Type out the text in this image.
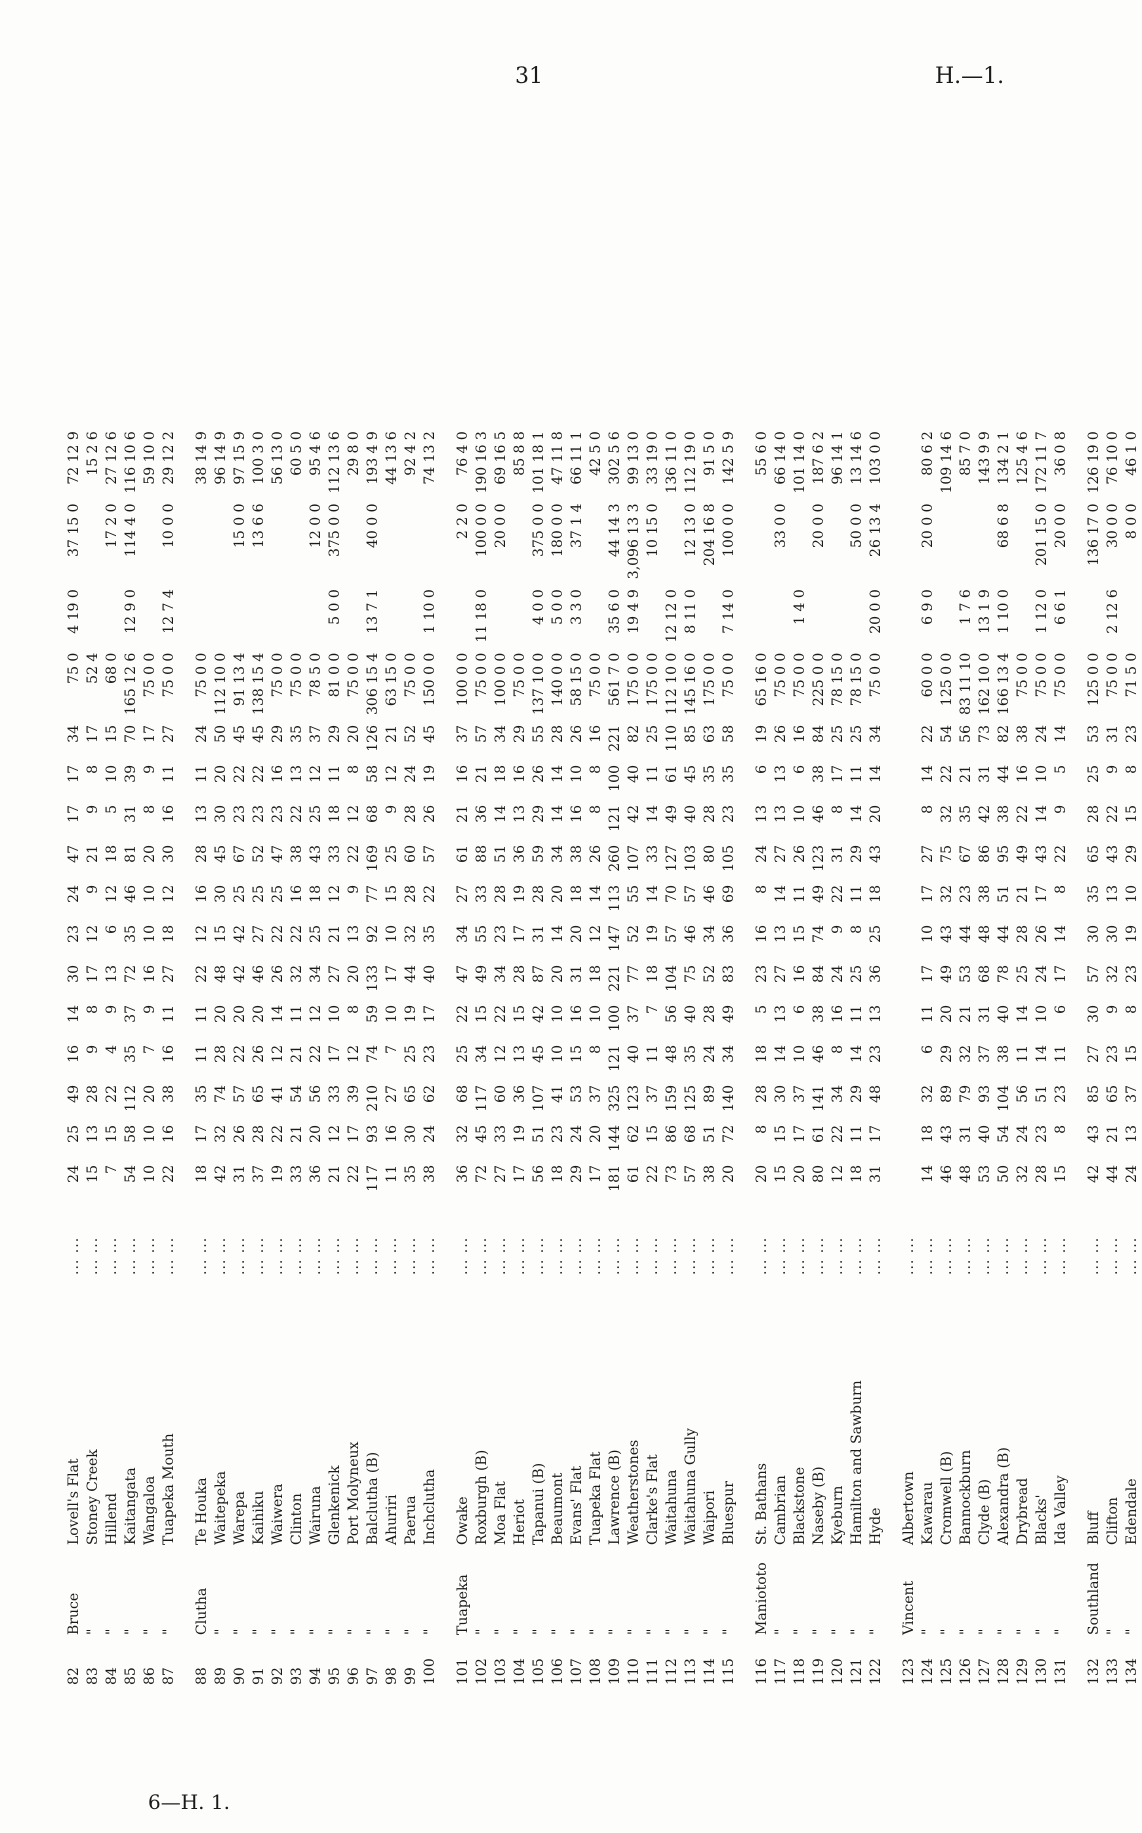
31	H.—1.
82	Bruce	Lovell's Flat	... ...	24	25	49	16	14	30	23	24	47	17	17	34	75 0	4 19 0	37 15 0	72 12 9
83	"	Stoney Creek	... ...	15	13	28	9	8	17	12	9	21	9	8	17	52 4			15 2 6
84	"	Hillend	... ...	7	15	22	4	9	13	6	12	18	5	10	15	68 0		17 2 0	27 12 6
85	"	Kaitangata	... ...	54	58	112	35	37	72	35	46	81	31	39	70	165 12 6	12 9 0	114 4 0	116 10 6
86	"	Wangaloa	... ...	10	10	20	7	9	16	10	10	20	8	9	17	75 0 0			59 10 0
87	"	Tuapeka Mouth	... ...	22	16	38	16	11	27	18	12	30	16	11	27	75 0 0	12 7 4	10 0 0	29 12 2

88	Clutha	Te Houka	... ...	18	17	35	11	11	22	12	16	28	13	11	24	75 0 0			38 14 9
89	"	Waitepeka	... ...	42	32	74	28	20	48	15	30	45	30	20	50	112 10 0			96 14 9
90	"	Warepa	... ...	31	26	57	22	20	42	42	25	67	23	22	45	91 13 4		15 0 0	97 15 9
91	"	Kaihiku	... ...	37	28	65	26	20	46	27	25	52	23	22	45	138 15 4		13 6 6	100 3 0
92	"	Waiwera	... ...	19	22	41	12	14	26	22	25	47	23	16	29	75 0 0			56 13 0
93	"	Clinton	... ...	33	21	54	21	11	32	22	16	38	22	13	35	75 0 0			60 5 0
94	"	Wairuna	... ...	36	20	56	22	12	34	25	18	43	25	12	37	78 5 0		12 0 0	95 4 6
95	"	Glenkenick	... ...	21	12	33	17	10	27	21	12	33	18	11	29	81 0 0	5 0 0	375 0 0	112 13 6
96	"	Port Molyneux	... ...	22	17	39	12	8	20	13	9	22	12	8	20	75 0 0			29 8 0
97	"	Balclutha (B)	... ...	117	93	210	74	59	133	92	77	169	68	58	126	306 15 4	13 7 1	40 0 0	193 4 9
98	"	Ahuriri	... ...	11	16	27	7	10	17	10	15	25	9	12	21	63 15 0			44 13 6
99	"	Paerua	... ...	35	30	65	25	19	44	32	28	60	28	24	52	75 0 0			92 4 2
100	"	Inchclutha	... ...	38	24	62	23	17	40	35	22	57	26	19	45	150 0 0	1 10 0		74 13 2

101	Tuapeka	Owake	... ...	36	32	68	25	22	47	34	27	61	21	16	37	100 0 0		2 2 0	76 4 0
102	"	Roxburgh (B)	... ...	72	45	117	34	15	49	55	33	88	36	21	57	75 0 0	11 18 0	100 0 0	190 16 3
103	"	Moa Flat	... ...	27	33	60	12	22	34	23	28	51	14	18	34	100 0 0		20 0 0	69 16 5
104	"	Heriot	... ...	17	19	36	13	15	28	17	19	36	13	16	29	75 0 0			85 8 8
105	"	Tapanui (B)	... ...	56	51	107	45	42	87	31	28	59	29	26	55	137 10 0	4 0 0	375 0 0	101 18 1
106	"	Beaumont	... ...	18	23	41	10	10	20	14	20	34	14	14	28	140 0 0	5 0 0	180 0 0	47 11 8
107	"	Evans' Flat	... ...	29	24	53	15	16	31	20	18	38	16	10	26	58 15 0	3 3 0	37 1 4	66 11 1
108	"	Tuapeka Flat	... ...	17	20	37	8	10	18	12	14	26	8	8	16	75 0 0			42 5 0
109	"	Lawrence (B)	... ...	181	144	325	121	100	221	147	113	260	121	100	221	561 7 0	35 6 0	44 14 3	302 5 6
110	"	Weatherstones	... ...	61	62	123	40	37	77	52	55	107	42	40	82	175 0 0	19 4 9	3,096 13 3	99 13 0
111	"	Clarke's Flat	... ...	22	15	37	11	7	18	19	14	33	14	11	25	175 0 0		10 15 0	33 19 0
112	"	Waitahuna	... ...	73	86	159	48	56	104	57	70	127	49	61	110	112 10 0	12 12 0		136 11 0
113	"	Waitahuna Gully	... ...	57	68	125	35	40	75	46	57	103	40	45	85	145 16 0	8 11 0	12 13 0	112 19 0
114	"	Waipori	... ...	38	51	89	24	28	52	34	46	80	28	35	63	175 0 0		204 16 8	91 5 0
115	"	Bluespur	... ...	20	72	140	34	49	83	36	69	105	23	35	58	75 0 0	7 14 0	100 0 0	142 5 9

116	Maniototo	St. Bathans	... ...	20	8	28	18	5	23	16	8	24	13	6	19	65 16 0			55 6 0
117	"	Cambrian	... ...	15	15	30	14	13	27	13	14	27	13	13	26	75 0 0		33 0 0	66 14 0
118	"	Blackstone	... ...	20	17	37	10	6	16	15	11	26	10	6	16	75 0 0	1 4 0		101 14 0
119	"	Naseby (B)	... ...	80	61	141	46	38	84	74	49	123	46	38	84	225 0 0		20 0 0	187 6 2
120	"	Kyeburn	... ...	12	22	34	8	16	24	9	22	31	8	17	25	78 15 0			96 14 1
121	"	Hamilton and Sawburn	... ...	18	11	29	14	11	25	8	11	29	14	11	25	78 15 0		50 0 0	13 14 6
122	"	Hyde	... ...	31	17	48	23	13	36	25	18	43	20	14	34	75 0 0	20 0 0	26 13 4	103 0 0

123	Vincent	Albertown	... ...																
124	"	Kawarau	... ...	14	18	32	6	11	17	10	17	27	8	14	22	60 0 0	6 9 0	20 0 0	80 6 2
125	"	Cromwell (B)	... ...	46	43	89	29	20	49	43	32	75	32	22	54	125 0 0			109 14 6
126	"	Bannockburn	... ...	48	31	79	32	21	53	44	23	67	35	21	56	83 11 10	1 7 6		85 7 0
127	"	Clyde (B)	... ...	53	40	93	37	31	68	48	38	86	42	31	73	162 10 0	13 1 9		143 9 9
128	"	Alexandra (B)	... ...	50	54	104	38	40	78	44	51	95	38	44	82	166 13 4	1 10 0	68 6 8	134 2 1
129	"	Drybread	... ...	32	24	56	11	14	25	28	21	49	22	16	38	75 0 0			125 4 6
130	"	Blacks'	... ...	28	23	51	14	10	24	26	17	43	14	10	24	75 0 0	1 12 0	201 15 0	172 11 7
131	"	Ida Valley	... ...	15	8	23	11	6	17	14	8	22	9	5	14	75 0 0	6 6 1	20 0 0	36 0 8

132	Southland	Bluff	... ...	42	43	85	27	30	57	30	35	65	28	25	53	125 0 0		136 17 0	126 19 0
133	"	Clifton	... ...	44	21	65	23	9	32	30	13	43	22	9	31	75 0 0	2 12 6	30 0 0	76 10 0
134	"	Edendale	... ...	24	13	37	15	8	23	19	10	29	15	8	23	71 5 0		8 0 0	46 1 0
6—H. 1.
